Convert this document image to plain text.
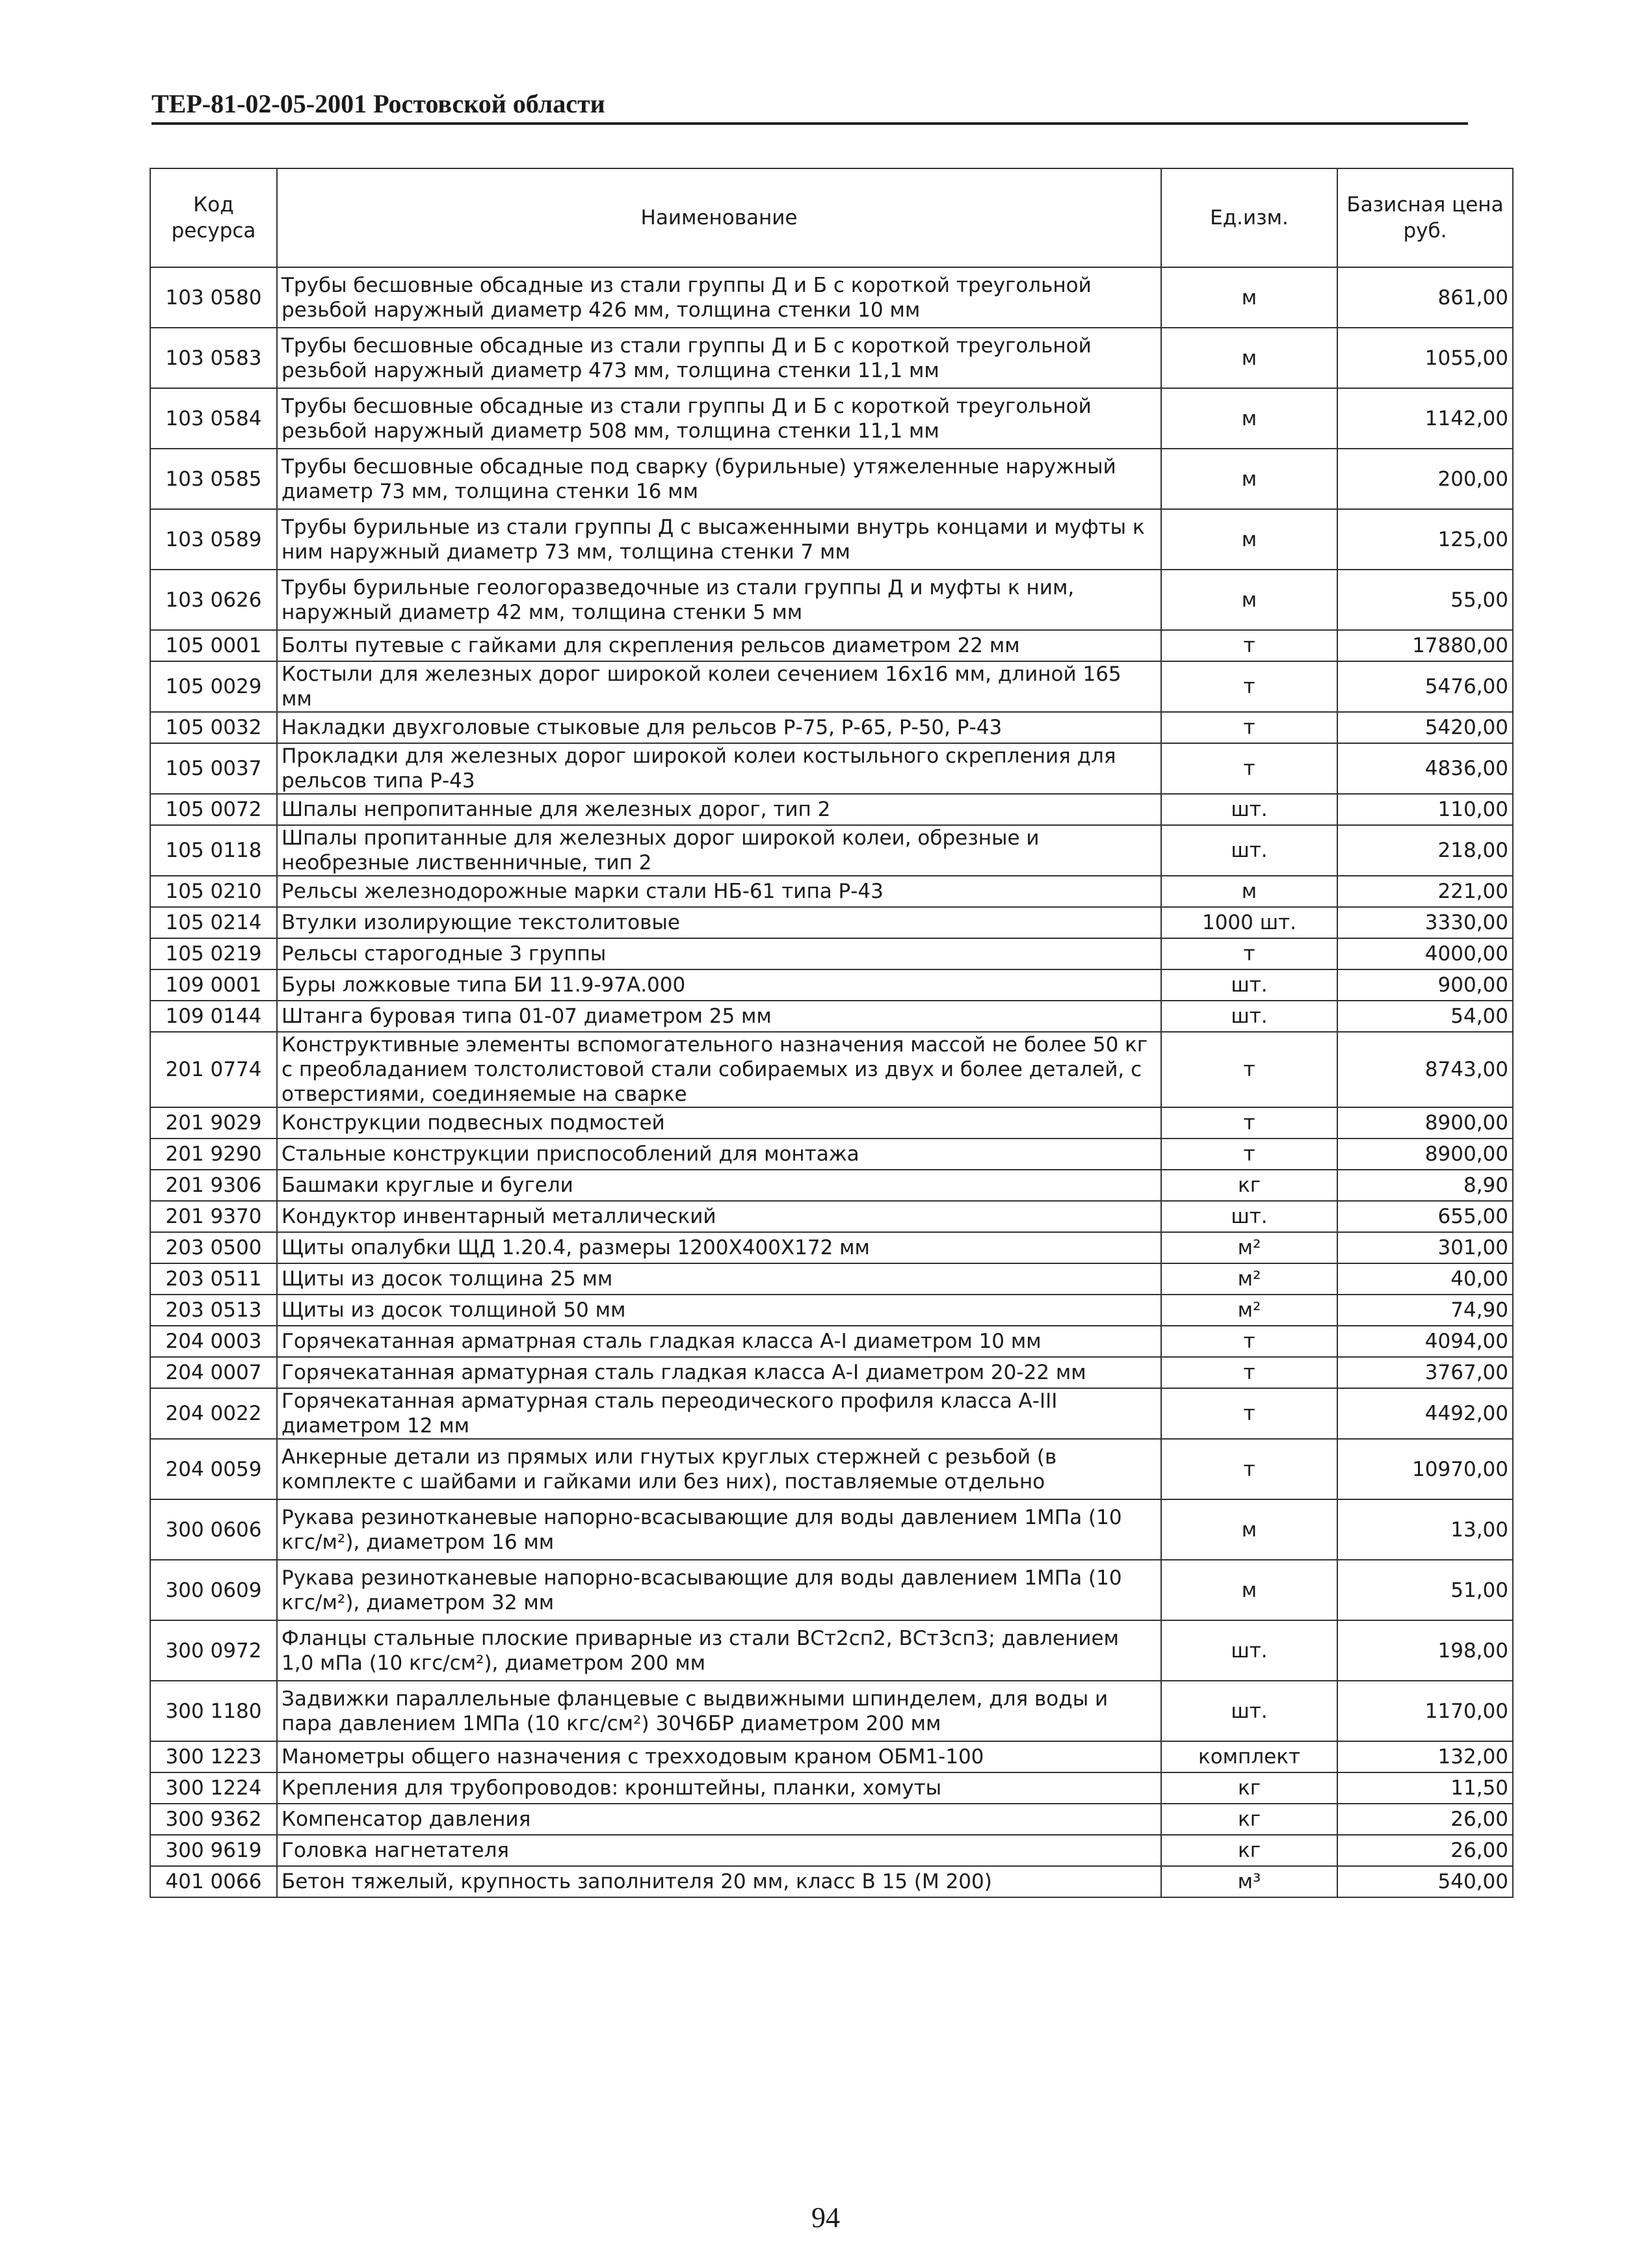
ТЕР-81-02-05-2001 Ростовской области
Код ресурса	Наименование	Ед.изм.	Базисная цена руб.
103 0580	Трубы бесшовные обсадные из стали группы Д и Б с короткой треугольной резьбой наружный диаметр 426 мм, толщина стенки 10 мм	м	861,00
103 0583	Трубы бесшовные обсадные из стали группы Д и Б с короткой треугольной резьбой наружный диаметр 473 мм, толщина стенки 11,1 мм	м	1055,00
103 0584	Трубы бесшовные обсадные из стали группы Д и Б с короткой треугольной резьбой наружный диаметр 508 мм, толщина стенки 11,1 мм	м	1142,00
103 0585	Трубы бесшовные обсадные под сварку (бурильные) утяжеленные наружный диаметр 73 мм, толщина стенки 16 мм	м	200,00
103 0589	Трубы бурильные из стали группы Д с высаженными внутрь концами и муфты к ним наружный диаметр 73 мм, толщина стенки 7 мм	м	125,00
103 0626	Трубы бурильные геологоразведочные из стали группы Д и муфты к ним, наружный диаметр 42 мм, толщина стенки 5 мм	м	55,00
105 0001	Болты путевые с гайками для скрепления рельсов диаметром 22 мм	т	17880,00
105 0029	Костыли для железных дорог широкой колеи сечением 16х16 мм, длиной 165 мм	т	5476,00
105 0032	Накладки двухголовые стыковые для рельсов Р-75, Р-65, Р-50, Р-43	т	5420,00
105 0037	Прокладки для железных дорог широкой колеи костыльного скрепления для рельсов типа Р-43	т	4836,00
105 0072	Шпалы непропитанные для железных дорог, тип 2	шт.	110,00
105 0118	Шпалы пропитанные для железных дорог широкой колеи, обрезные и необрезные лиственничные, тип 2	шт.	218,00
105 0210	Рельсы железнодорожные марки стали НБ-61 типа Р-43	м	221,00
105 0214	Втулки изолирующие текстолитовые	1000 шт.	3330,00
105 0219	Рельсы старогодные 3 группы	т	4000,00
109 0001	Буры ложковые типа БИ 11.9-97А.000	шт.	900,00
109 0144	Штанга буровая типа 01-07 диаметром 25 мм	шт.	54,00
201 0774	Конструктивные элементы вспомогательного назначения массой не более 50 кг с преобладанием толстолистовой стали собираемых из двух и более деталей, с отверстиями, соединяемые на сварке	т	8743,00
201 9029	Конструкции подвесных подмостей	т	8900,00
201 9290	Стальные конструкции приспособлений для монтажа	т	8900,00
201 9306	Башмаки круглые и бугели	кг	8,90
201 9370	Кондуктор инвентарный металлический	шт.	655,00
203 0500	Щиты опалубки ЩД 1.20.4, размеры 1200Х400Х172 мм	м²	301,00
203 0511	Щиты из досок толщина 25 мм	м²	40,00
203 0513	Щиты из досок толщиной 50 мм	м²	74,90
204 0003	Горячекатанная арматрная сталь гладкая класса А-I диаметром 10 мм	т	4094,00
204 0007	Горячекатанная арматурная сталь гладкая класса А-I диаметром 20-22 мм	т	3767,00
204 0022	Горячекатанная арматурная сталь переодического профиля класса А-III диаметром 12 мм	т	4492,00
204 0059	Анкерные детали из прямых или гнутых круглых стержней с резьбой (в комплекте с шайбами и гайками или без них), поставляемые отдельно	т	10970,00
300 0606	Рукава резинотканевые напорно-всасывающие для воды давлением 1МПа (10 кгс/м²), диаметром 16 мм	м	13,00
300 0609	Рукава резинотканевые напорно-всасывающие для воды давлением 1МПа (10 кгс/м²), диаметром 32 мм	м	51,00
300 0972	Фланцы стальные плоские приварные из стали ВСт2сп2, ВСт3сп3; давлением 1,0 мПа (10 кгс/см²), диаметром 200 мм	шт.	198,00
300 1180	Задвижки параллельные фланцевые с выдвижными шпинделем, для воды и пара давлением 1МПа (10 кгс/см²) 30Ч6БР диаметром 200 мм	шт.	1170,00
300 1223	Манометры общего назначения с трехходовым краном ОБМ1-100	комплект	132,00
300 1224	Крепления для трубопроводов: кронштейны, планки, хомуты	кг	11,50
300 9362	Компенсатор давления	кг	26,00
300 9619	Головка нагнетателя	кг	26,00
401 0066	Бетон тяжелый, крупность заполнителя 20 мм, класс В 15 (М 200)	м³	540,00
94
